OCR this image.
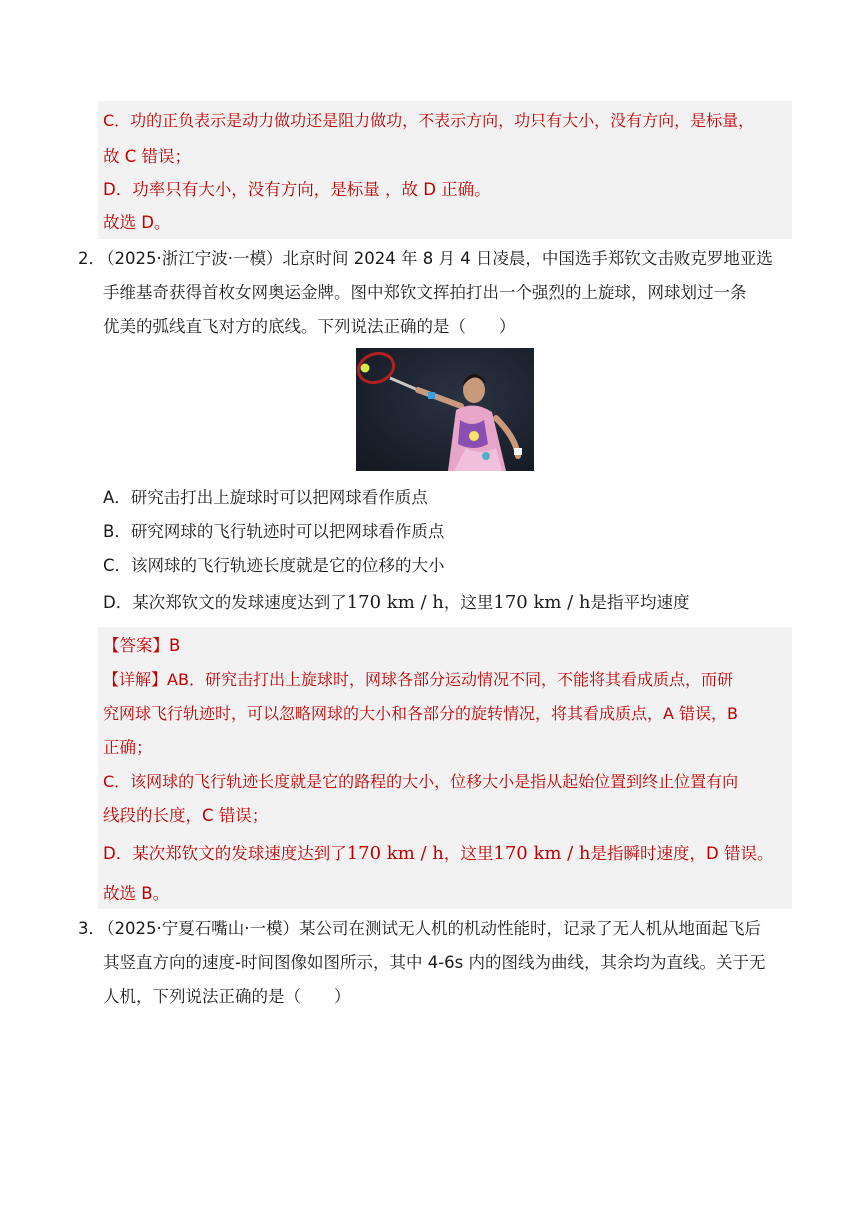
C．功的正负表示是动力做功还是阻力做功，不表示方向，功只有大小，没有方向，是标量，
故 C 错误；
D．功率只有大小，没有方向，是标量 ，故 D 正确。
故选 D。
2．
（2025·浙江宁波·一模）北京时间 2024 年 8 月 4 日凌晨，中国选手郑钦文击败克罗地亚选
手维基奇获得首枚女网奥运金牌。图中郑钦文挥拍打出一个强烈的上旋球，网球划过一条
优美的弧线直飞对方的底线。下列说法正确的是（　　）
A．研究击打出上旋球时可以把网球看作质点
B．研究网球的飞行轨迹时可以把网球看作质点
C．该网球的飞行轨迹长度就是它的位移的大小
D．某次郑钦文的发球速度达到了170 km / h，这里170 km / h是指平均速度
【答案】B
【详解】AB．研究击打出上旋球时，网球各部分运动情况不同，不能将其看成质点，而研
究网球飞行轨迹时，可以忽略网球的大小和各部分的旋转情况，将其看成质点，A 错误，B
正确；
C．该网球的飞行轨迹长度就是它的路程的大小，位移大小是指从起始位置到终止位置有向
线段的长度，C 错误；
D．某次郑钦文的发球速度达到了170 km / h，这里170 km / h是指瞬时速度，D 错误。
故选 B。
3．
（2025·宁夏石嘴山·一模）某公司在测试无人机的机动性能时，记录了无人机从地面起飞后
其竖直方向的速度-时间图像如图所示，其中 4-6s 内的图线为曲线，其余均为直线。关于无
人机，下列说法正确的是（　　）
